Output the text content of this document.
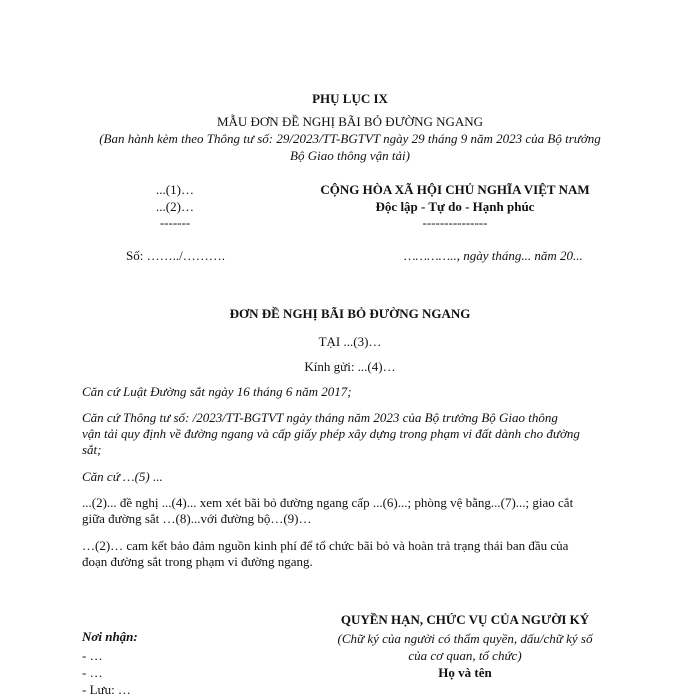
PHỤ LỤC IX
MẪU ĐƠN ĐỀ NGHỊ BÃI BỎ ĐƯỜNG NGANG
(Ban hành kèm theo Thông tư số: 29/2023/TT-BGTVT ngày 29 tháng 9 năm 2023 của Bộ trưởng
Bộ Giao thông vận tải)
...(1)…
...(2)…
-------
Số: ……../……….
CỘNG HÒA XÃ HỘI CHỦ NGHĨA VIỆT NAM
Độc lập - Tự do - Hạnh phúc
---------------
………….., ngày tháng... năm 20...
ĐƠN ĐỀ NGHỊ BÃI BỎ ĐƯỜNG NGANG
TẠI ...(3)…
Kính gửi: ...(4)…
Căn cứ Luật Đường sắt ngày 16 tháng 6 năm 2017;
Căn cứ Thông tư số: /2023/TT-BGTVT ngày tháng năm 2023 của Bộ trưởng Bộ Giao thông
vận tải quy định về đường ngang và cấp giấy phép xây dựng trong phạm vi đất dành cho đường
sắt;
Căn cứ …(5) ...
...(2)... đề nghị ...(4)... xem xét bãi bỏ đường ngang cấp ...(6)...; phòng vệ bằng...(7)...; giao cắt
giữa đường sắt …(8)...với đường bộ…(9)…
…(2)… cam kết bảo đảm nguồn kinh phí để tổ chức bãi bỏ và hoàn trả trạng thái ban đầu của
đoạn đường sắt trong phạm vi đường ngang.
Nơi nhận:
- …
- …
- Lưu: …
QUYỀN HẠN, CHỨC VỤ CỦA NGƯỜI KÝ
(Chữ ký của người có thẩm quyền, dấu/chữ ký số
của cơ quan, tổ chức)
Họ và tên
